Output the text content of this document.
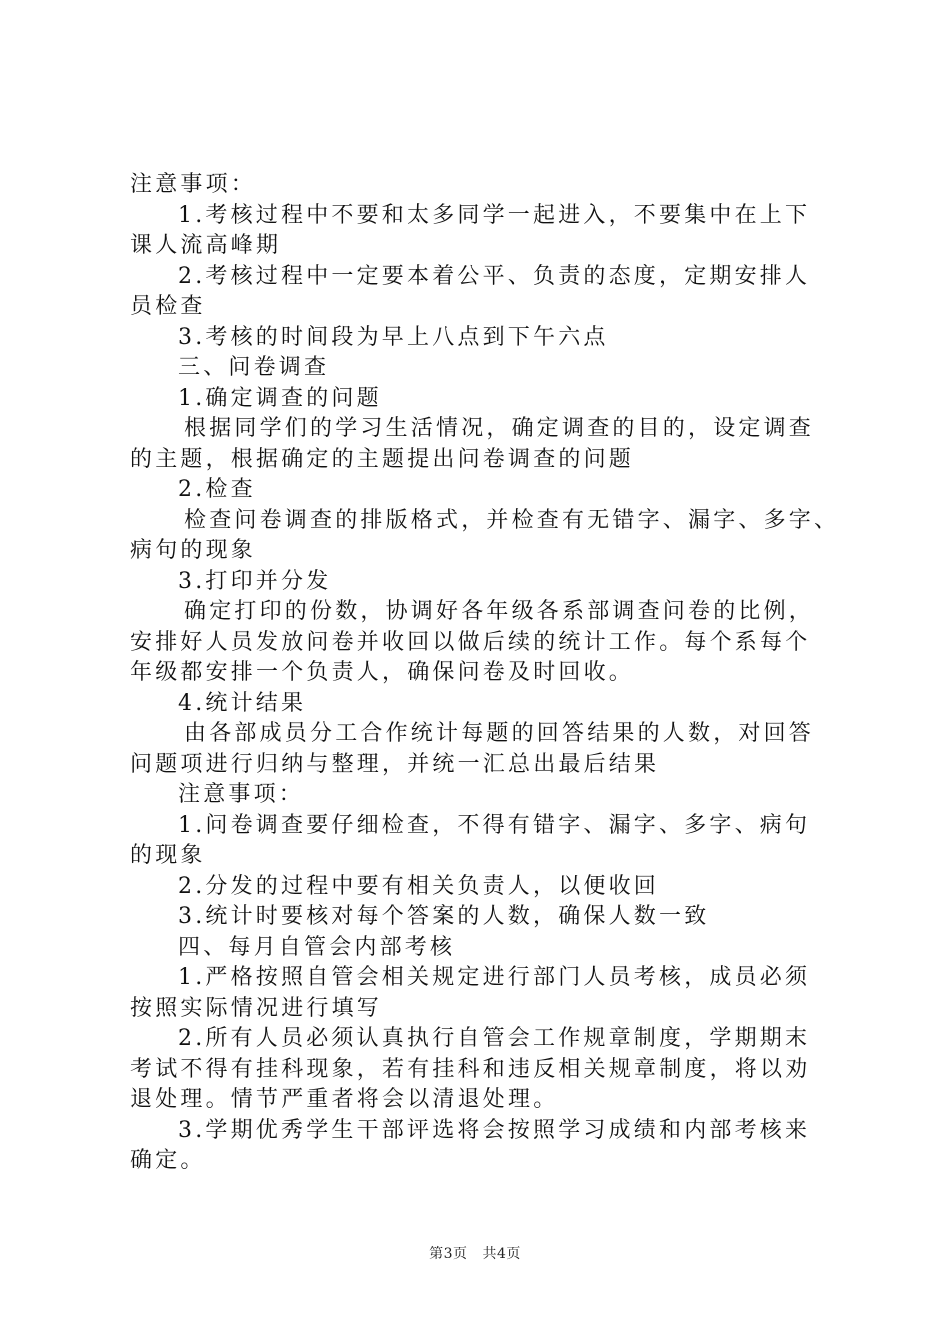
注意事项：
1.考核过程中不要和太多同学一起进入，不要集中在上下
课人流高峰期
2.考核过程中一定要本着公平、负责的态度，定期安排人
员检查
3.考核的时间段为早上八点到下午六点
三、问卷调查
1.确定调查的问题
根据同学们的学习生活情况，确定调查的目的，设定调查
的主题，根据确定的主题提出问卷调查的问题
2.检查
检查问卷调查的排版格式，并检查有无错字、漏字、多字、
病句的现象
3.打印并分发
确定打印的份数，协调好各年级各系部调查问卷的比例，
安排好人员发放问卷并收回以做后续的统计工作。每个系每个
年级都安排一个负责人，确保问卷及时回收。
4.统计结果
由各部成员分工合作统计每题的回答结果的人数，对回答
问题项进行归纳与整理，并统一汇总出最后结果
注意事项：
1.问卷调查要仔细检查，不得有错字、漏字、多字、病句
的现象
2.分发的过程中要有相关负责人，以便收回
3.统计时要核对每个答案的人数，确保人数一致
四、每月自管会内部考核
1.严格按照自管会相关规定进行部门人员考核，成员必须
按照实际情况进行填写
2.所有人员必须认真执行自管会工作规章制度，学期期末
考试不得有挂科现象，若有挂科和违反相关规章制度，将以劝
退处理。情节严重者将会以清退处理。
3.学期优秀学生干部评选将会按照学习成绩和内部考核来
确定。
第3页 共4页
